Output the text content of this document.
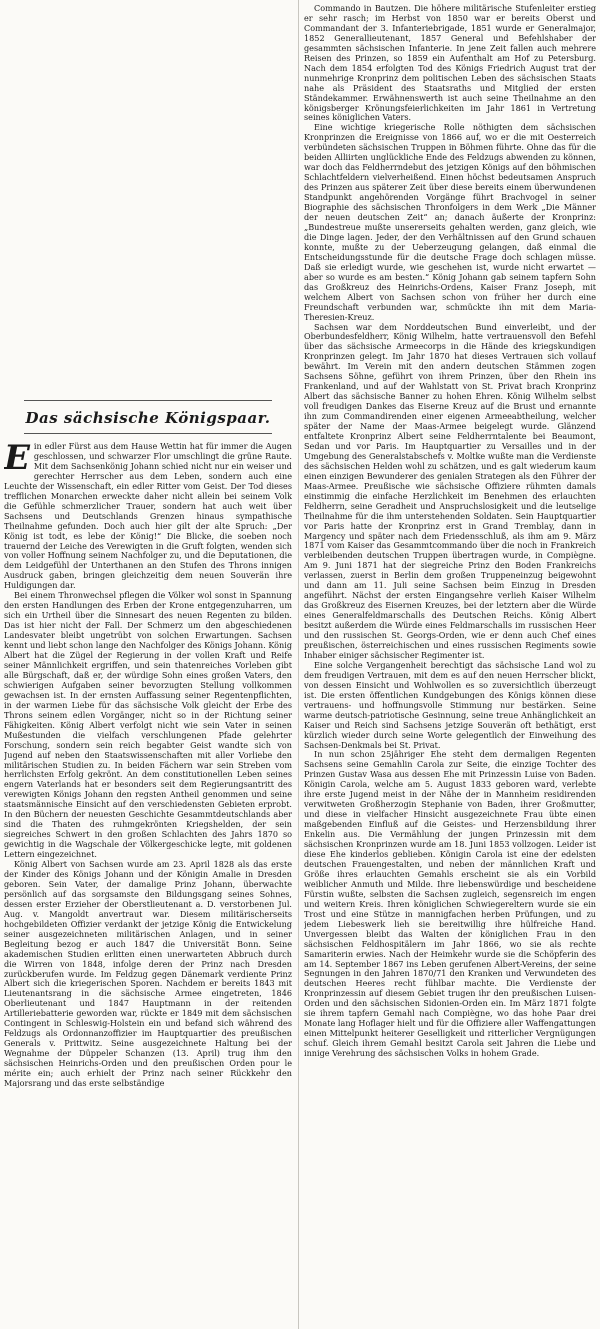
Das sächsische Königspaar.

Ein edler Fürst aus dem Hause Wettin hat für immer die Augen geschlossen, und schwarzer Flor umschlingt die grüne Raute. Mit dem Sachsenkönig Johann schied nicht nur ein weiser und gerechter Herrscher aus dem Leben, sondern auch eine Leuchte der Wissenschaft, ein edler Ritter vom Geist. Der Tod dieses trefflichen Monarchen erweckte daher nicht allein bei seinem Volk die Gefühle schmerzlicher Trauer, sondern hat auch weit über Sachsens und Deutschlands Grenzen hinaus sympathische Theilnahme gefunden. Doch auch hier gilt der alte Spruch: „Der König ist todt, es lebe der König!“ Die Blicke, die soeben noch trauernd der Leiche des Verewigten in die Gruft folgten, wenden sich von voller Hoffnung seinem Nachfolger zu, und die Deputationen, die dem Leidgefühl der Unterthanen an den Stufen des Throns innigen Ausdruck gaben, bringen gleichzeitig dem neuen Souverän ihre Huldigungen dar.

Bei einem Thronwechsel pflegen die Völker wol sonst in Spannung den ersten Handlungen des Erben der Krone entgegenzuharren, um sich ein Urtheil über die Sinnesart des neuen Regenten zu bilden. Das ist hier nicht der Fall. Der Schmerz um den abgeschiedenen Landesvater bleibt ungetrübt von solchen Erwartungen. Sachsen kennt und liebt schon lange den Nachfolger des Königs Johann. König Albert hat die Zügel der Regierung in der vollen Kraft und Reife seiner Männlichkeit ergriffen, und sein thatenreiches Vorleben gibt alle Bürgschaft, daß er, der würdige Sohn eines großen Vaters, den schwierigen Aufgaben seiner bevorzugten Stellung vollkommen gewachsen ist. In der ernsten Auffassung seiner Regentenpflichten, in der warmen Liebe für das sächsische Volk gleicht der Erbe des Throns seinem edlen Vorgänger, nicht so in der Richtung seiner Fähigkeiten. König Albert verfolgt nicht wie sein Vater in seinen Mußestunden die vielfach verschlungenen Pfade gelehrter Forschung, sondern sein reich begabter Geist wandte sich von Jugend auf neben den Staatswissenschaften mit aller Vorliebe den militärischen Studien zu. In beiden Fächern war sein Streben vom herrlichsten Erfolg gekrönt. An dem constitutionellen Leben seines engern Vaterlands hat er besonders seit dem Regierungsantritt des verewigten Königs Johann den regsten Antheil genommen und seine staatsmännische Einsicht auf den verschiedensten Gebieten erprobt. In den Büchern der neuesten Geschichte Gesammtdeutschlands aber sind die Thaten des ruhmgekrönten Kriegshelden, der sein siegreiches Schwert in den großen Schlachten des Jahrs 1870 so gewichtig in die Wagschale der Völkergeschicke legte, mit goldenen Lettern eingezeichnet.

König Albert von Sachsen wurde am 23. April 1828 als das erste der Kinder des Königs Johann und der Königin Amalie in Dresden geboren. Sein Vater, der damalige Prinz Johann, überwachte persönlich auf das sorgsamste den Bildungsgang seines Sohnes, dessen erster Erzieher der Oberstlieutenant a. D. verstorbenen Jul. Aug. v. Mangoldt anvertraut war. Diesem militärischerseits hochgebildeten Offizier verdankt der jetzige König die Entwickelung seiner ausgezeichneten militärischen Anlagen, und in seiner Begleitung bezog er auch 1847 die Universität Bonn. Seine akademischen Studien erlitten einen unerwarteten Abbruch durch die Wirren von 1848, infolge deren der Prinz nach Dresden zurückberufen wurde. Im Feldzug gegen Dänemark verdiente Prinz Albert sich die kriegerischen Sporen. Nachdem er bereits 1843 mit Lieutenantsrang in die sächsische Armee eingetreten, 1846 Oberlieutenant und 1847 Hauptmann in der reitenden Artilleriebatterie geworden war, rückte er 1849 mit dem sächsischen Contingent in Schleswig-Holstein ein und befand sich während des Feldzugs als Ordonnanzoffizier im Hauptquartier des preußischen Generals v. Prittwitz. Seine ausgezeichnete Haltung bei der Wegnahme der Düppeler Schanzen (13. April) trug ihm den sächsischen Heinrichs-Orden und den preußischen Orden pour le mérite ein; auch erhielt der Prinz nach seiner Rückkehr den Majorsrang und das erste selbständige

Commando in Bautzen. Die höhere militärische Stufenleiter erstieg er sehr rasch; im Herbst von 1850 war er bereits Oberst und Commandant der 3. Infanteriebrigade, 1851 wurde er Generalmajor, 1852 Generallieutenant, 1857 General und Befehlshaber der gesammten sächsischen Infanterie. In jene Zeit fallen auch mehrere Reisen des Prinzen, so 1859 ein Aufenthalt am Hof zu Petersburg. Nach dem 1854 erfolgten Tod des Königs Friedrich August trat der nunmehrige Kronprinz dem politischen Leben des sächsischen Staats nahe als Präsident des Staatsraths und Mitglied der ersten Ständekammer. Erwähnenswerth ist auch seine Theilnahme an den königsberger Krönungsfeierlichkeiten im Jahr 1861 in Vertretung seines königlichen Vaters.

Eine wichtige kriegerische Rolle nöthigten dem sächsischen Kronprinzen die Ereignisse von 1866 auf, wo er die mit Oesterreich verbündeten sächsischen Truppen in Böhmen führte. Ohne das für die beiden Alliirten unglückliche Ende des Feldzugs abwenden zu können, war doch das Feldherrndebut des jetzigen Königs auf den böhmischen Schlachtfeldern vielverheißend. Einen höchst bedeutsamen Anspruch des Prinzen aus späterer Zeit über diese bereits einem überwundenen Standpunkt angehörenden Vorgänge führt Brachvogel in seiner Biographie des sächsischen Thronfolgers in dem Werk „Die Männer der neuen deutschen Zeit“ an; danach äußerte der Kronprinz: „Bundestreue mußte unsererseits gehalten werden, ganz gleich, wie die Dinge lagen. Jeder, der den Verhältnissen auf den Grund schauen konnte, mußte zu der Ueberzeugung gelangen, daß einmal die Entscheidungsstunde für die deutsche Frage doch schlagen müsse. Daß sie erledigt wurde, wie geschehen ist, wurde nicht erwartet — aber so wurde es am besten.“ König Johann gab seinem tapfern Sohn das Großkreuz des Heinrichs-Ordens, Kaiser Franz Joseph, mit welchem Albert von Sachsen schon von früher her durch eine Freundschaft verbunden war, schmückte ihn mit dem Maria-Theresien-Kreuz.

Sachsen war dem Norddeutschen Bund einverleibt, und der Oberbundesfeldherr, König Wilhelm, hatte vertrauensvoll den Befehl über das sächsische Armeecorps in die Hände des kriegskundigen Kronprinzen gelegt. Im Jahr 1870 hat dieses Vertrauen sich vollauf bewährt. Im Verein mit den andern deutschen Stämmen zogen Sachsens Söhne, geführt von ihrem Prinzen, über den Rhein ins Frankenland, und auf der Wahlstatt von St. Privat brach Kronprinz Albert das sächsische Banner zu hohen Ehren. König Wilhelm selbst voll freudigen Dankes das Eiserne Kreuz auf die Brust und ernannte ihn zum Commandirenden einer eigenen Armeeabtheilung, welcher später der Name der Maas-Armee beigelegt wurde. Glänzend entfaltete Kronprinz Albert seine Feldherrntalente bei Beaumont, Sedan und vor Paris. Im Hauptquartier zu Versailles und in der Umgebung des Generalstabschefs v. Moltke wußte man die Verdienste des sächsischen Helden wohl zu schätzen, und es galt wiederum kaum einen einzigen Bewunderer des genialen Strategen als den Führer der Maas-Armee. Preußische wie sächsische Offiziere rühmten damals einstimmig die einfache Herzlichkeit im Benehmen des erlauchten Feldherrn, seine Geradheit und Anspruchslosigkeit und die leutselige Theilnahme für die ihm unterstehenden Soldaten. Sein Hauptquartier vor Paris hatte der Kronprinz erst in Grand Tremblay, dann in Margency und später nach dem Friedensschluß, als ihm am 9. März 1871 vom Kaiser das Gesammtcommando über die noch in Frankreich verbleibenden deutschen Truppen übertragen wurde, in Compiègne. Am 9. Juni 1871 hat der siegreiche Prinz den Boden Frankreichs verlassen, zuerst in Berlin dem großen Truppeneinzug beigewohnt und dann am 11. Juli seine Sachsen beim Einzug in Dresden angeführt. Nächst der ersten Eingangsehre verlieh Kaiser Wilhelm das Großkreuz des Eisernen Kreuzes, bei der letztern aber die Würde eines Generalfeldmarschalls des Deutschen Reichs. König Albert besitzt außerdem die Würde eines Feldmarschalls im russischen Heer und den russischen St. Georgs-Orden, wie er denn auch Chef eines preußischen, österreichischen und eines russischen Regiments sowie Inhaber einiger sächsischer Regimenter ist.

Eine solche Vergangenheit berechtigt das sächsische Land wol zu dem freudigen Vertrauen, mit dem es auf den neuen Herrscher blickt, von dessen Einsicht und Wohlwollen es so zuversichtlich überzeugt ist. Die ersten öffentlichen Kundgebungen des Königs können diese vertrauens- und hoffnungsvolle Stimmung nur bestärken. Seine warme deutsch-patriotische Gesinnung, seine treue Anhänglichkeit an Kaiser und Reich sind Sachsens jetzige Souverän oft bethätigt, erst kürzlich wieder durch seine Worte gelegentlich der Einweihung des Sachsen-Denkmals bei St. Privat.

In nun schon 25jähriger Ehe steht dem dermaligen Regenten Sachsens seine Gemahlin Carola zur Seite, die einzige Tochter des Prinzen Gustav Wasa aus dessen Ehe mit Prinzessin Luise von Baden. Königin Carola, welche am 5. August 1833 geboren ward, verlebte ihre erste Jugend meist in der Nähe der in Mannheim residirenden verwitweten Großherzogin Stephanie von Baden, ihrer Großmutter, und diese in vielfacher Hinsicht ausgezeichnete Frau übte einen maßgebenden Einfluß auf die Geistes- und Herzensbildung ihrer Enkelin aus. Die Vermählung der jungen Prinzessin mit dem sächsischen Kronprinzen wurde am 18. Juni 1853 vollzogen. Leider ist diese Ehe kinderlos geblieben. Königin Carola ist eine der edelsten deutschen Frauengestalten, und neben der männlichen Kraft und Größe ihres erlauchten Gemahls erscheint sie als ein Vorbild weiblicher Anmuth und Milde. Ihre liebenswürdige und bescheidene Fürstin wußte, selbsten die Sachsen zugleich, segensreich im engen und weitern Kreis. Ihren königlichen Schwiegereltern wurde sie ein Trost und eine Stütze in mannigfachen herben Prüfungen, und zu jedem Liebeswerk lieh sie bereitwillig ihre hülfreiche Hand. Unvergessen bleibt das Walten der königlichen Frau in den sächsischen Feldhospitälern im Jahr 1866, wo sie als rechte Samariterin erwies. Nach der Heimkehr wurde sie die Schöpferin des am 14. September 1867 ins Leben gerufenen Albert-Vereins, der seine Segnungen in den Jahren 1870/71 den Kranken und Verwundeten des deutschen Heeres recht fühlbar machte. Die Verdienste der Kronprinzessin auf diesem Gebiet trugen ihr den preußischen Luisen-Orden und den sächsischen Sidonien-Orden ein. Im März 1871 folgte sie ihrem tapfern Gemahl nach Compiègne, wo das hohe Paar drei Monate lang Hoflager hielt und für die Offiziere aller Waffengattungen einen Mittelpunkt heiterer Geselligkeit und ritterlicher Vergnügungen schuf. Gleich ihrem Gemahl besitzt Carola seit Jahren die Liebe und innige Verehrung des sächsischen Volks in hohem Grade.
